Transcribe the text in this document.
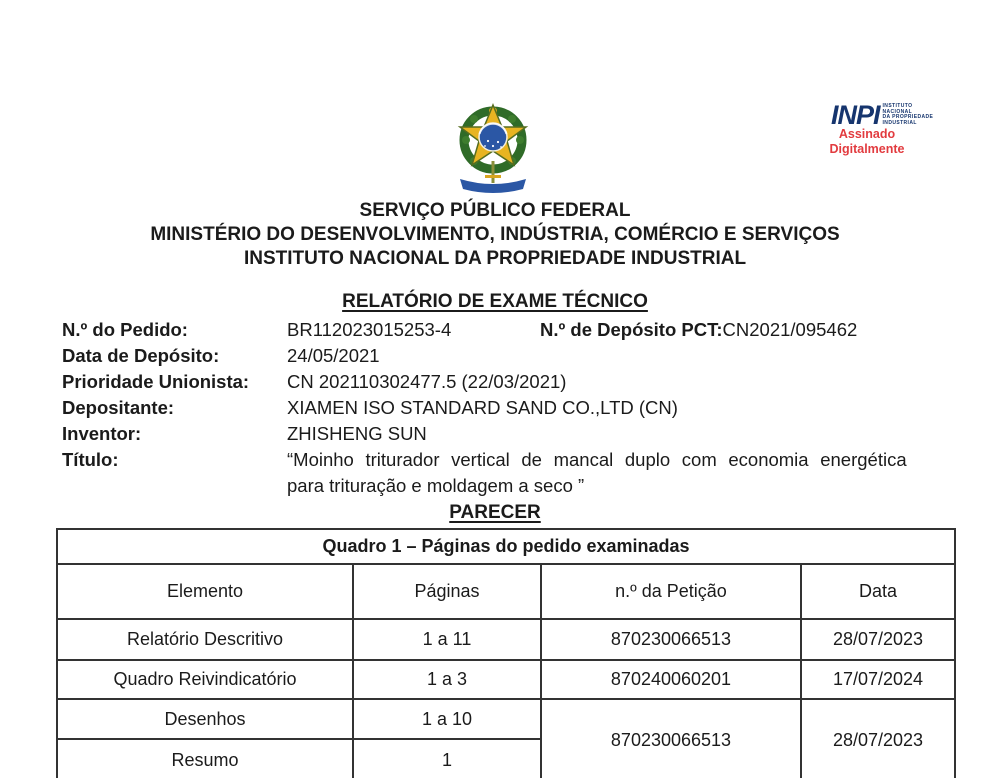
INPI INSTITUTO
NACIONAL
DA PROPRIEDADE
INDUSTRIAL
Assinado
Digitalmente
SERVIÇO PÚBLICO FEDERAL
MINISTÉRIO DO DESENVOLVIMENTO, INDÚSTRIA, COMÉRCIO E SERVIÇOS
INSTITUTO NACIONAL DA PROPRIEDADE INDUSTRIAL
RELATÓRIO DE EXAME TÉCNICO
N.º do Pedido:	BR112023015253-4	N.º de Depósito PCT:CN2021/095462
Data de Depósito:	24/05/2021
Prioridade Unionista: CN 202110302477.5 (22/03/2021)
Depositante:	XIAMEN ISO STANDARD SAND CO.,LTD (CN)
Inventor:	ZHISHENG SUN
Título:	“Moinho triturador vertical de mancal duplo com economia energética
para trituração e moldagem a seco ”
PARECER
Quadro 1 – Páginas do pedido examinadas			
Elemento	Páginas	n.º da Petição	Data
Relatório Descritivo	1 a 11	870230066513	28/07/2023
Quadro Reivindicatório	1 a 3	870240060201	17/07/2024
Desenhos	1 a 10	870230066513	28/07/2023
Resumo	1		
